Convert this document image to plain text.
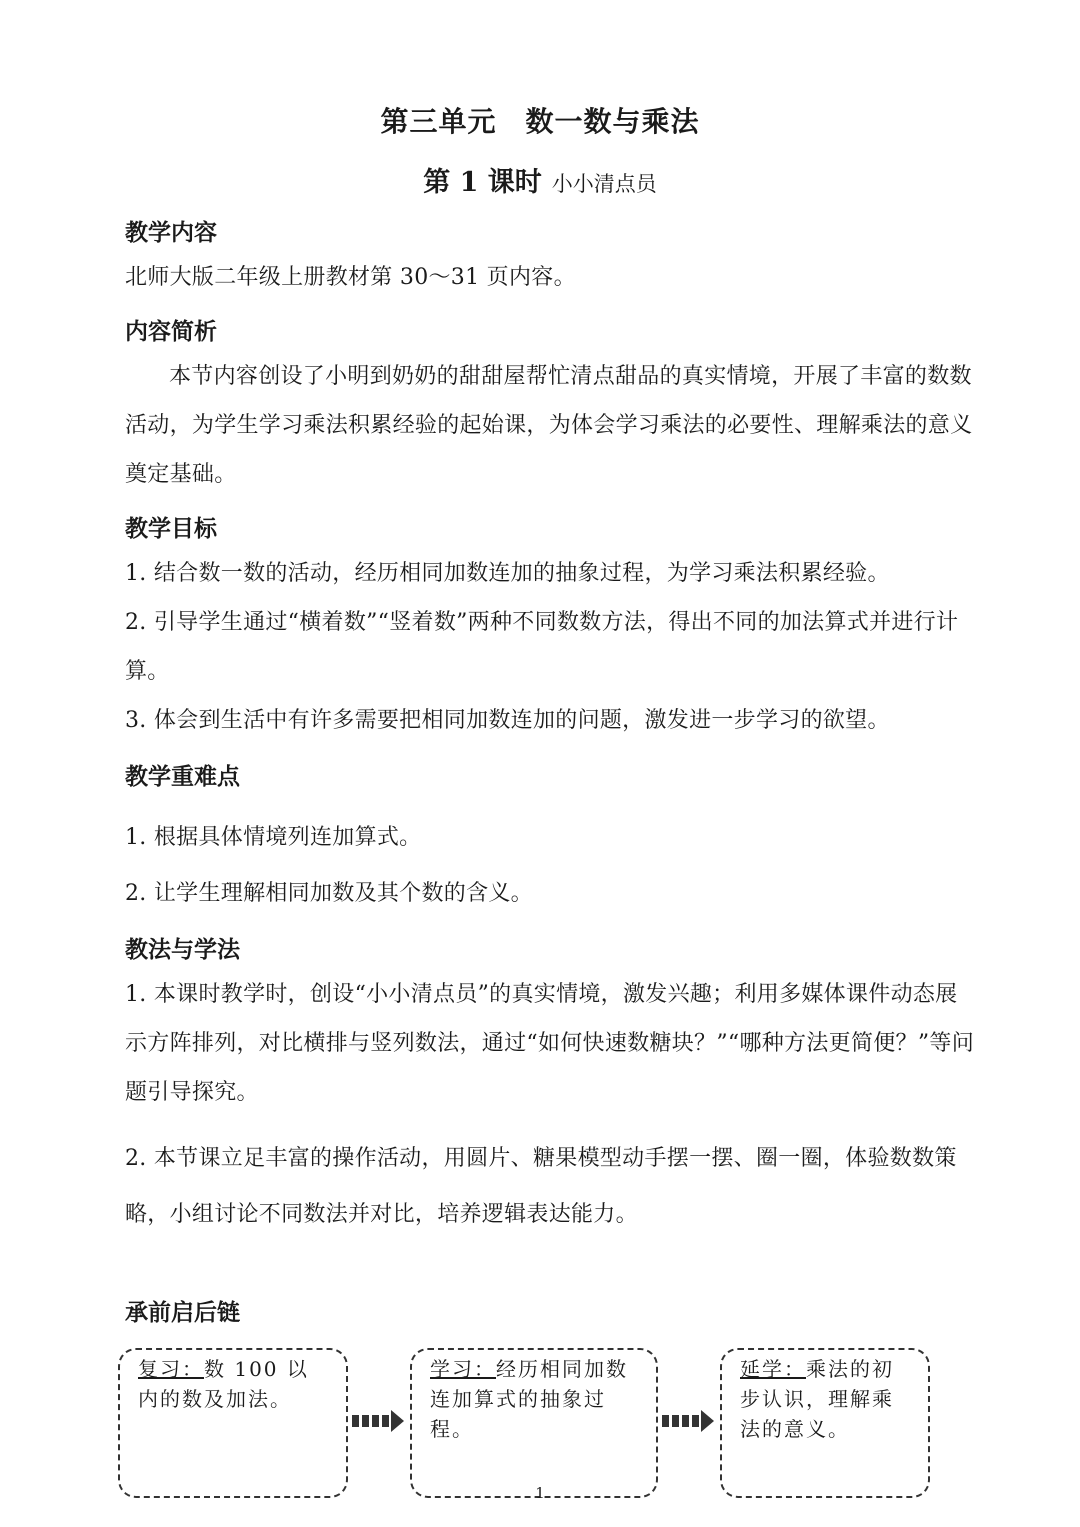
第三单元　数一数与乘法
第 1 课时 小小清点员

教学内容

北师大版二年级上册教材第 30～31 页内容。

内容简析

本节内容创设了小明到奶奶的甜甜屋帮忙清点甜品的真实情境，开展了丰富的数数活动，为学生学习乘法积累经验的起始课，为体会学习乘法的必要性、理解乘法的意义奠定基础。

教学目标

1. 结合数一数的活动，经历相同加数连加的抽象过程，为学习乘法积累经验。

2. 引导学生通过“横着数”“竖着数”两种不同数数方法，得出不同的加法算式并进行计算。

3. 体会到生活中有许多需要把相同加数连加的问题，激发进一步学习的欲望。

教学重难点

1. 根据具体情境列连加算式。

2. 让学生理解相同加数及其个数的含义。

教法与学法

1. 本课时教学时，创设“小小清点员”的真实情境，激发兴趣；利用多媒体课件动态展示方阵排列，对比横排与竖列数法，通过“如何快速数糖块？”“哪种方法更简便？”等问题引导探究。

2. 本节课立足丰富的操作活动，用圆片、糖果模型动手摆一摆、圈一圈，体验数数策略，小组讨论不同数法并对比，培养逻辑表达能力。

承前启后链

复习：数 100 以内的数及加法。
学习：经历相同加数连加算式的抽象过程。
延学：乘法的初步认识，理解乘法的意义。
1
